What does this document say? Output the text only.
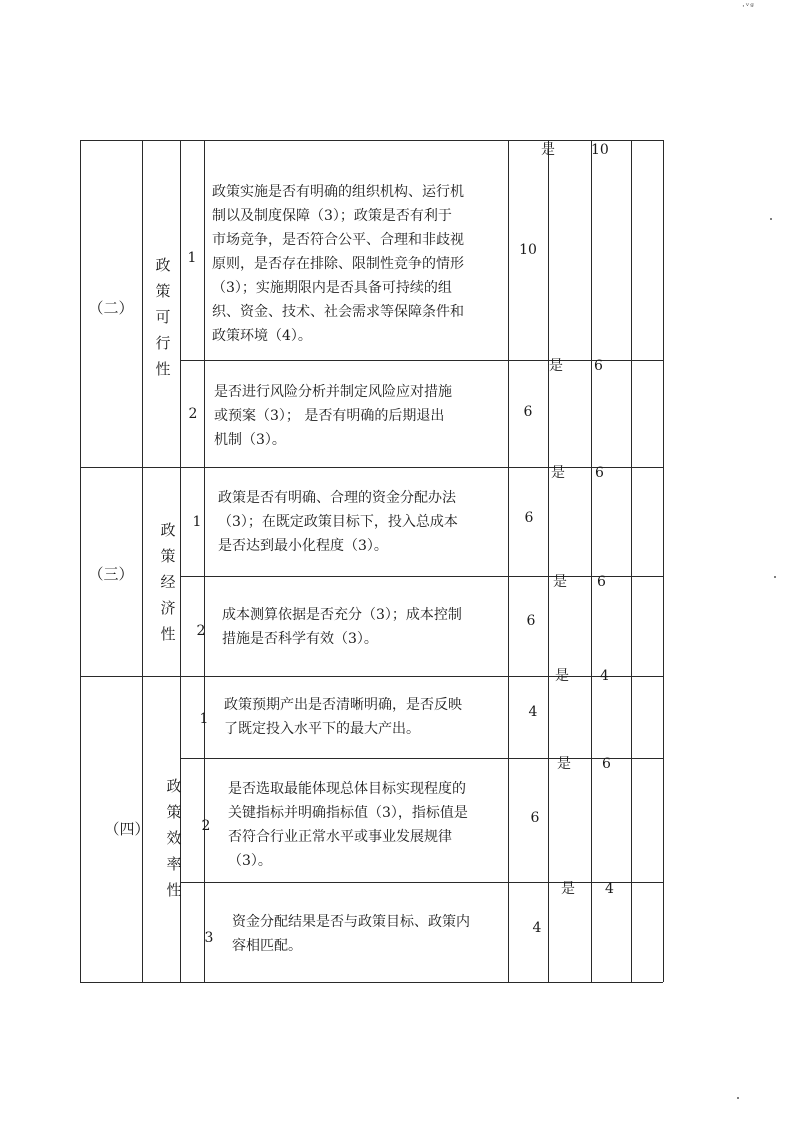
·ᵛᵍ
（二）
政
策
可
行
性
1
政策实施是否有明确的组织机构、运行机
制以及制度保障（3）；政策是否有利于
市场竞争，是否符合公平、合理和非歧视
原则，是否存在排除、限制性竞争的情形
（3）；实施期限内是否具备可持续的组
织、资金、技术、社会需求等保障条件和
政策环境（4）。
10
是	10
2
是否进行风险分析并制定风险应对措施
或预案（3）； 是否有明确的后期退出
机制（3）。
6
是 6
（三）
政
策
经
济
性
1
政策是否有明确、合理的资金分配办法
（3）；在既定政策目标下，投入总成本
是否达到最小化程度（3）。
6
是 6
2
成本测算依据是否充分（3）；成本控制
措施是否科学有效（3）。
6
是 6
（四）
政
策
效
率
性
1
政策预期产出是否清晰明确，是否反映
了既定投入水平下的最大产出。
4
是 4
2
是否选取最能体现总体目标实现程度的
关键指标并明确指标值（3），指标值是
否符合行业正常水平或事业发展规律
（3）。
6
是 6
3
资金分配结果是否与政策目标、政策内
容相匹配。
4
是 4
